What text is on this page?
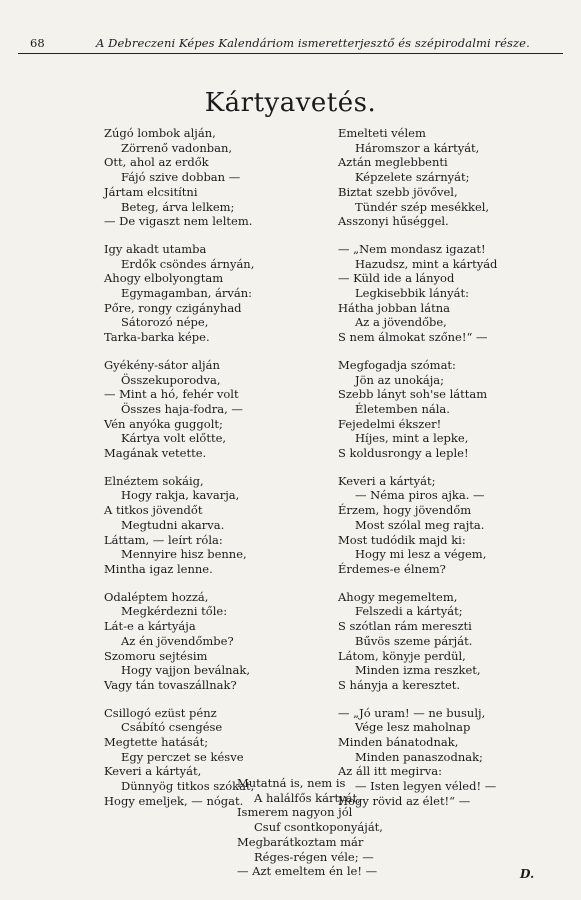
68	A Debreczeni Képes Kalendáriom ismeretterjesztő és szépirodalmi része.
Kártyavetés.
Zúgó lombok alján,
Zörrenő vadonban,
Ott, ahol az erdők
Fájó szive dobban —
Jártam elcsitítni
Beteg, árva lelkem;
— De vigaszt nem leltem.
Igy akadt utamba
Erdők csöndes árnyán,
Ahogy elbolyongtam
Egymagamban, árván:
Pőre, rongy czigányhad
Sátorozó népe,
Tarka-barka képe.
Gyékény-sátor alján
Összekuporodva,
— Mint a hó, fehér volt
Összes haja-fodra, —
Vén anyóka guggolt;
Kártya volt előtte,
Magának vetette.
Elnéztem sokáig,
Hogy rakja, kavarja,
A titkos jövendőt
Megtudni akarva.
Láttam, — leírt róla:
Mennyire hisz benne,
Mintha igaz lenne.
Odaléptem hozzá,
Megkérdezni tőle:
Lát-e a kártyája
Az én jövendőmbe?
Szomoru sejtésim
Hogy vajjon beválnak,
Vagy tán tovaszállnak?
Csillogó ezüst pénz
Csábító csengése
Megtette hatását;
Egy perczet se késve
Keveri a kártyát,
Dünnyög titkos szókat,
Hogy emeljek, — nógat.
Emelteti vélem
Háromszor a kártyát,
Aztán meglebbenti
Képzelete szárnyát;
Biztat szebb jövővel,
Tündér szép mesékkel,
Asszonyi hűséggel.
— „Nem mondasz igazat!
Hazudsz, mint a kártyád
— Küld ide a lányod
Legkisebbik lányát:
Hátha jobban látna
Az a jövendőbe,
S nem álmokat szőne!“ —
Megfogadja szómat:
Jön az unokája;
Szebb lányt soh'se láttam
Életemben nála.
Fejedelmi ékszer!
Híjes, mint a lepke,
S koldusrongy a leple!
Keveri a kártyát;
— Néma piros ajka. —
Érzem, hogy jövendőm
Most szólal meg rajta.
Most tudódik majd ki:
Hogy mi lesz a végem,
Érdemes-e élnem?
Ahogy megemeltem,
Felszedi a kártyát;
S szótlan rám mereszti
Bűvös szeme párját.
Látom, könyje perdül,
Minden izma reszket,
S hányja a keresztet.
— „Jó uram! — ne busulj,
Vége lesz maholnap
Minden bánatodnak,
Minden panaszodnak;
Az áll itt megirva:
— Isten legyen véled! —
Hogy rövid az élet!“ —
Mutatná is, nem is
A halálfős kártyát,
Ismerem nagyon jól
Csuf csontkoponyáját,
Megbarátkoztam már
Réges-régen véle; —
— Azt emeltem én le! —	D.
